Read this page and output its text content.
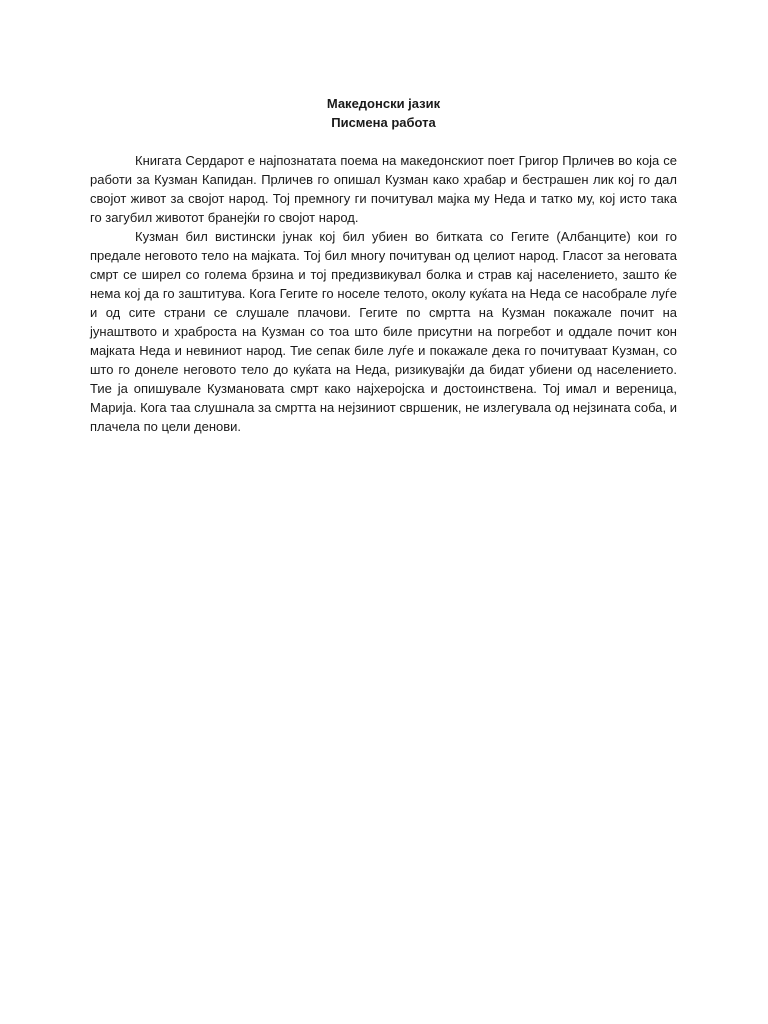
Македонски јазик
Писмена работа

Книгата Сердарот е најпознатата поема на македонскиот поет Григор Прличев во која се работи за Кузман Капидан. Прличев го опишал Кузман како храбар и бестрашен лик кој го дал својот живот за својот народ. Тој премногу ги почитувал мајка му Неда и татко му, кој исто така го загубил животот бранејќи го својот народ.

Кузман бил вистински јунак кој бил убиен во битката со Гегите (Албанците) кои го предале неговото тело на мајката. Тој бил многу почитуван од целиот народ. Гласот за неговата смрт се ширел со голема брзина и тој предизвикувал болка и страв кај населението, зашто ќе нема кој да го заштитува. Кога Гегите го носеле телото, околу куќата на Неда се насобрале луѓе и од сите страни се слушале плачови. Гегите по смртта на Кузман покажале почит на јунаштвото и храброста на Кузман со тоа што биле присутни на погребот и оддале почит кон мајката Неда и невиниот народ. Тие сепак биле луѓе и покажале дека го почитуваат Кузман, со што го донеле неговото тело до куќата на Неда, ризикувајќи да бидат убиени од населението. Тие ја опишувале Кузмановата смрт како најхеројска и достоинствена. Тој имал и вереница, Марија. Кога таа слушнала за смртта на нејзиниот свршеник, не излегувала од нејзината соба, и плачела по цели денови.
